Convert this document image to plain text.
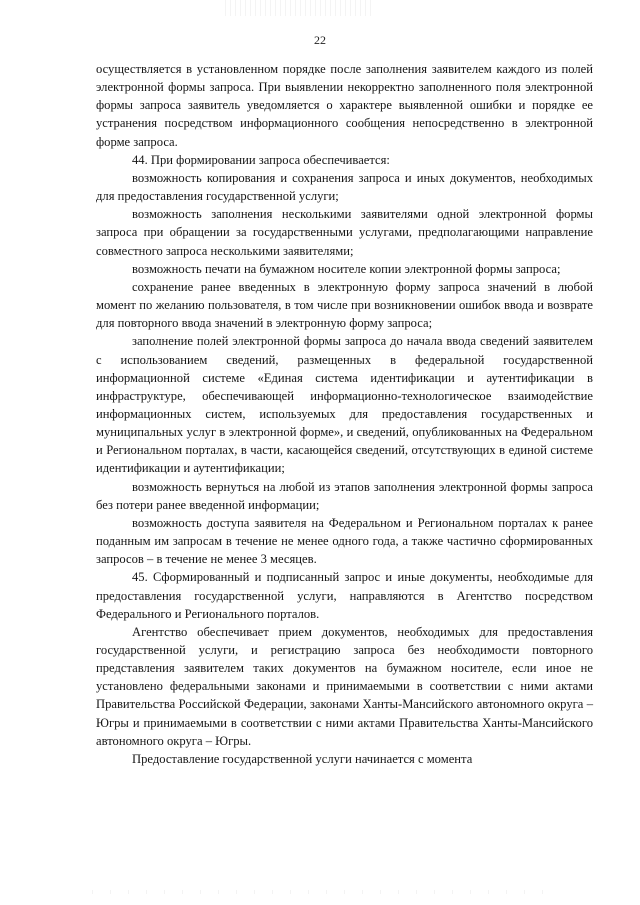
22

осуществляется в установленном порядке после заполнения заявителем каждого из полей электронной формы запроса. При выявлении некорректно заполненного поля электронной формы запроса заявитель уведомляется о характере выявленной ошибки и порядке ее устранения посредством информационного сообщения непосредственно в электронной форме запроса.

44. При формировании запроса обеспечивается:

возможность копирования и сохранения запроса и иных документов, необходимых для предоставления государственной услуги;

возможность заполнения несколькими заявителями одной электронной формы запроса при обращении за государственными услугами, предполагающими направление совместного запроса несколькими заявителями;

возможность печати на бумажном носителе копии электронной формы запроса;

сохранение ранее введенных в электронную форму запроса значений в любой момент по желанию пользователя, в том числе при возникновении ошибок ввода и возврате для повторного ввода значений в электронную форму запроса;

заполнение полей электронной формы запроса до начала ввода сведений заявителем с использованием сведений, размещенных в федеральной государственной информационной системе «Единая система идентификации и аутентификации в инфраструктуре, обеспечивающей информационно-технологическое взаимодействие информационных систем, используемых для предоставления государственных и муниципальных услуг в электронной форме», и сведений, опубликованных на Федеральном и Региональном порталах, в части, касающейся сведений, отсутствующих в единой системе идентификации и аутентификации;

возможность вернуться на любой из этапов заполнения электронной формы запроса без потери ранее введенной информации;

возможность доступа заявителя на Федеральном и Региональном порталах к ранее поданным им запросам в течение не менее одного года, а также частично сформированных запросов – в течение не менее 3 месяцев.

45. Сформированный и подписанный запрос и иные документы, необходимые для предоставления государственной услуги, направляются в Агентство посредством Федерального и Регионального порталов.

Агентство обеспечивает прием документов, необходимых для предоставления государственной услуги, и регистрацию запроса без необходимости повторного представления заявителем таких документов на бумажном носителе, если иное не установлено федеральными законами и принимаемыми в соответствии с ними актами Правительства Российской Федерации, законами Ханты-Мансийского автономного округа – Югры и принимаемыми в соответствии с ними актами Правительства Ханты-Мансийского автономного округа – Югры.

Предоставление государственной услуги начинается с момента
